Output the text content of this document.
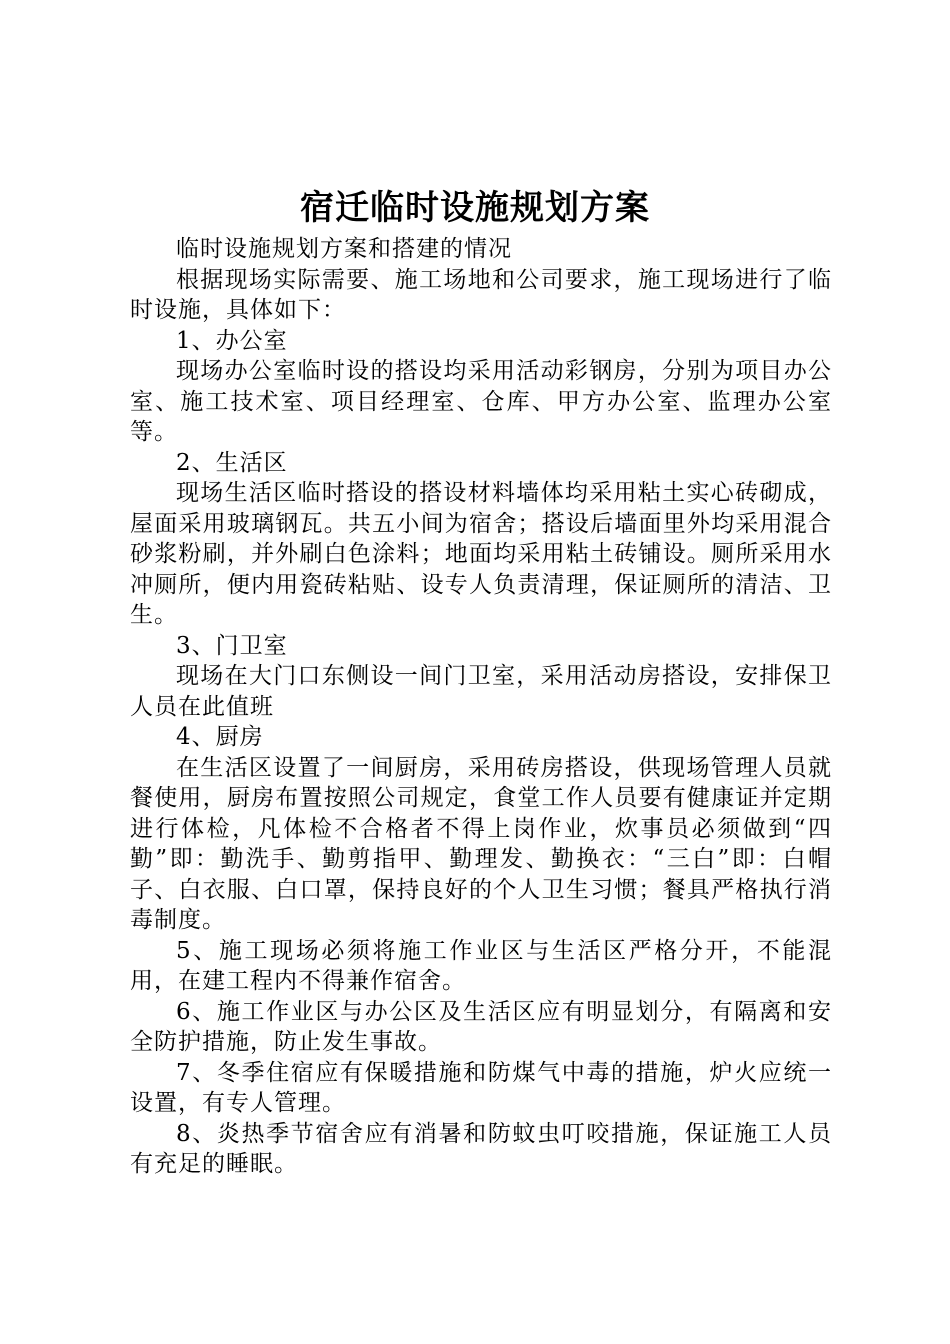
宿迁临时设施规划方案

临时设施规划方案和搭建的情况

根据现场实际需要、施工场地和公司要求，施工现场进行了临时设施，具体如下：

1、办公室

现场办公室临时设的搭设均采用活动彩钢房，分别为项目办公室、施工技术室、项目经理室、仓库、甲方办公室、监理办公室等。

2、生活区

现场生活区临时搭设的搭设材料墙体均采用粘土实心砖砌成，屋面采用玻璃钢瓦。共五小间为宿舍；搭设后墙面里外均采用混合砂浆粉刷，并外刷白色涂料；地面均采用粘土砖铺设。厕所采用水冲厕所，便内用瓷砖粘贴、设专人负责清理，保证厕所的清洁、卫生。

3、门卫室

现场在大门口东侧设一间门卫室，采用活动房搭设，安排保卫人员在此值班

4、厨房

在生活区设置了一间厨房，采用砖房搭设，供现场管理人员就餐使用，厨房布置按照公司规定，食堂工作人员要有健康证并定期进行体检，凡体检不合格者不得上岗作业，炊事员必须做到“四勤”即：勤洗手、勤剪指甲、勤理发、勤换衣：“三白”即：白帽子、白衣服、白口罩，保持良好的个人卫生习惯；餐具严格执行消毒制度。

5、施工现场必须将施工作业区与生活区严格分开，不能混用，在建工程内不得兼作宿舍。

6、施工作业区与办公区及生活区应有明显划分，有隔离和安全防护措施，防止发生事故。

7、冬季住宿应有保暖措施和防煤气中毒的措施，炉火应统一设置，有专人管理。

8、炎热季节宿舍应有消暑和防蚊虫叮咬措施，保证施工人员有充足的睡眠。
